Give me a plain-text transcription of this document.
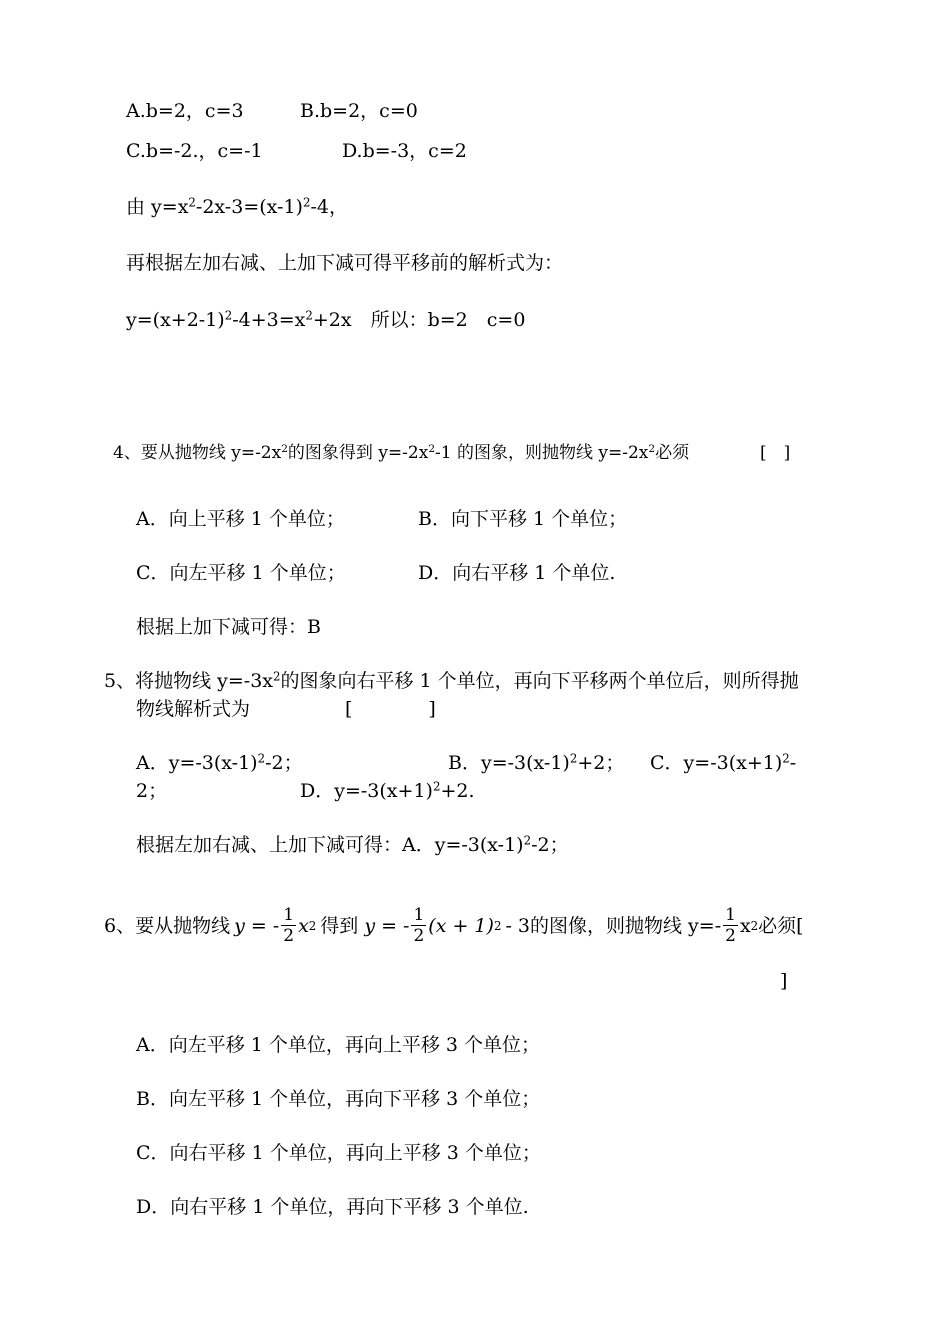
A.b=2，c=3	B.b=2，c=0
C.b=-2.，c=-1	D.b=-3，c=2
由 $y=x^2-2x-3=(x-1)^2-4$，
再根据左加右减、上加下减可得平移前的解析式为：
$y=(x+2-1)^2-4+3=x^2+2x$　所以：b=2　c=0
4、要从抛物线 $y=-2x^2$的图象得到 $y=-2x^2-1$ 的图象，则抛物线 $y=-2x^2$必须	[　]
A．向上平移 1 个单位；	B．向下平移 1 个单位；
C．向左平移 1 个单位；	D．向右平移 1 个单位.
根据上加下减可得：B
5、将抛物线 $y=-3x^2$的图象向右平移 1 个单位，再向下平移两个单位后，则所得抛
物线解析式为	[　　　　]
A．$y=-3(x-1)^2-2$；	B．$y=-3(x-1)^2+2$； C．$y=-3(x+1)^2-$
2；	D．$y=-3(x+1)^2+2$.
根据左加右减、上加下减可得：A．$y=-3(x-1)^2-2$；
6、要从抛物线 y = - $\frac{1}{2}$ x 2 得到 y = - $\frac{1}{2} (x + 1)$ 2 - 3 的图像，则抛物线 $y=- \frac{1}{2}$ x 2 必须[
]
A．向左平移 1 个单位，再向上平移 3 个单位；
B．向左平移 1 个单位，再向下平移 3 个单位；
C．向右平移 1 个单位，再向上平移 3 个单位；
D．向右平移 1 个单位，再向下平移 3 个单位.
